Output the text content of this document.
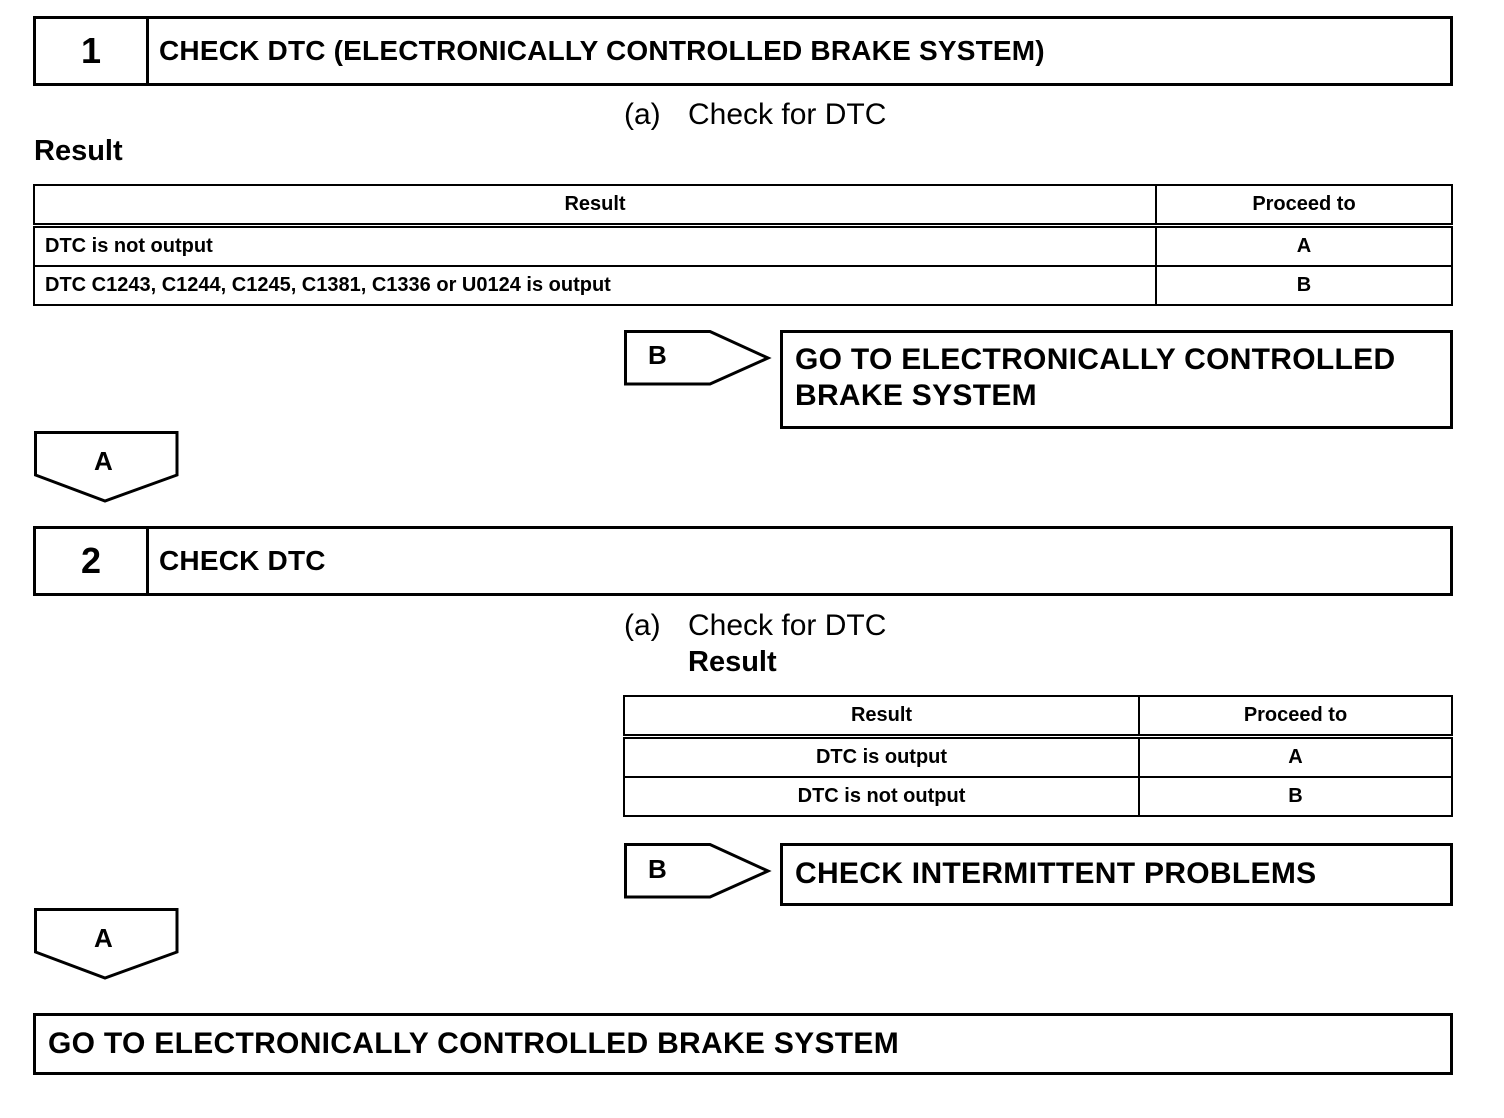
1	CHECK DTC (ELECTRONICALLY CONTROLLED BRAKE SYSTEM)
(a) Check for DTC
Result
Result	Proceed to
DTC is not output	A
DTC C1243, C1244, C1245, C1381, C1336 or U0124 is output	B
B	GO TO ELECTRONICALLY CONTROLLED BRAKE SYSTEM
A
2	CHECK DTC
(a) Check for DTC
Result
Result	Proceed to
DTC is output	A
DTC is not output	B
B	CHECK INTERMITTENT PROBLEMS
A
GO TO ELECTRONICALLY CONTROLLED BRAKE SYSTEM
